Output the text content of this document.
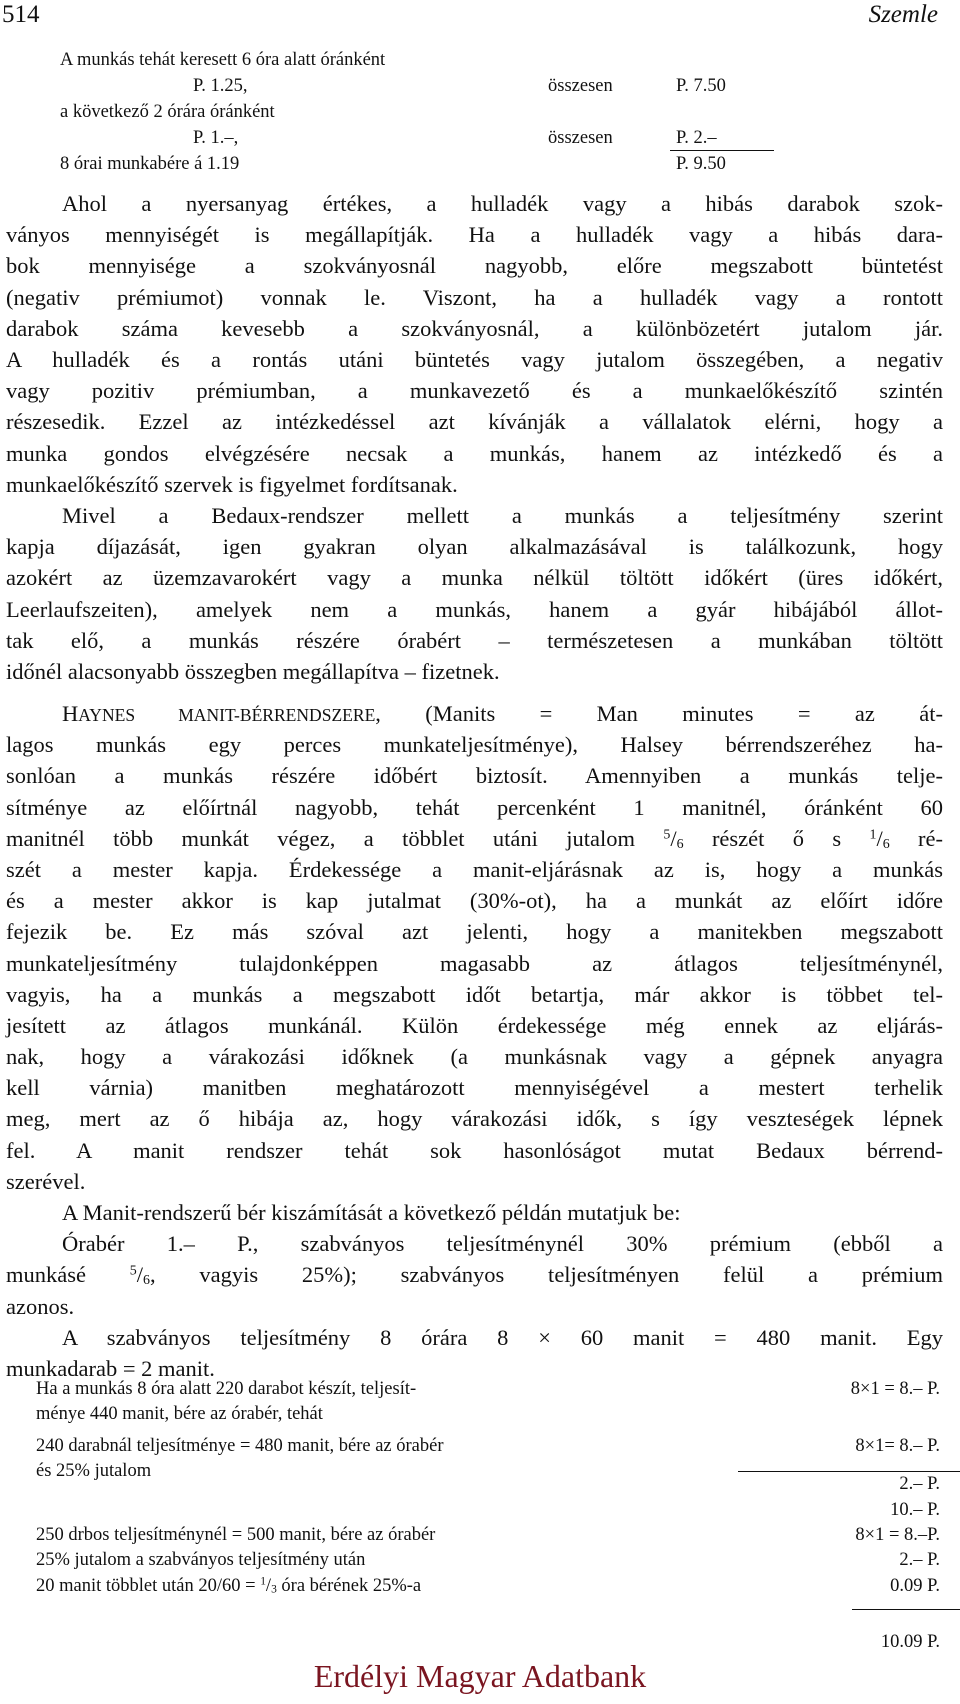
514	Szemle
A munkás tehát keresett 6 óra alatt óránként
P. 1.25,	összesen	P. 7.50
a következő 2 órára óránként
P. 1.–,	összesen	P. 2.–
8 órai munkabére á 1.19	P. 9.50
Ahol a nyersanyag értékes, a hulladék vagy a hibás darabok szok-
ványos mennyiségét is megállapítják. Ha a hulladék vagy a hibás dara-
bok mennyisége a szokványosnál nagyobb, előre megszabott büntetést
(negativ prémiumot) vonnak le. Viszont, ha a hulladék vagy a rontott
darabok száma kevesebb a szokványosnál, a különbözetért jutalom jár.
A hulladék és a rontás utáni büntetés vagy jutalom összegében, a negativ
vagy pozitiv prémiumban, a munkavezető és a munkaelőkészítő szintén
részesedik. Ezzel az intézkedéssel azt kívánják a vállalatok elérni, hogy a
munka gondos elvégzésére necsak a munkás, hanem az intézkedő és a
munkaelőkészítő szervek is figyelmet fordítsanak.
Mivel a Bedaux-rendszer mellett a munkás a teljesítmény szerint
kapja díjazását, igen gyakran olyan alkalmazásával is találkozunk, hogy
azokért az üzemzavarokért vagy a munka nélkül töltött időkért (üres időkért,
Leerlaufszeiten), amelyek nem a munkás, hanem a gyár hibájából állot-
tak elő, a munkás részére órabért – természetesen a munkában töltött
időnél alacsonyabb összegben megállapítva – fizetnek.
HAYNES MANIT-BÉRRENDSZERE, (Manits = Man minutes = az át-
lagos munkás egy perces munkateljesítménye), Halsey bérrendszeréhez ha-
sonlóan a munkás részére időbért biztosít. Amennyiben a munkás telje-
sítménye az előírtnál nagyobb, tehát percenként 1 manitnél, óránként 60
manitnél több munkát végez, a többlet utáni jutalom $^5/_6$ részét ő s $^1/_6$ ré-
szét a mester kapja. Érdekessége a manit-eljárásnak az is, hogy a munkás
és a mester akkor is kap jutalmat (30%-ot), ha a munkát az előírt időre
fejezik be. Ez más szóval azt jelenti, hogy a manitekben megszabott
munkateljesítmény tulajdonképpen magasabb az átlagos teljesítménynél,
vagyis, ha a munkás a megszabott időt betartja, már akkor is többet tel-
jesített az átlagos munkánál. Külön érdekessége még ennek az eljárás-
nak, hogy a várakozási időknek (a munkásnak vagy a gépnek anyagra
kell várnia) manitben meghatározott mennyiségével a mestert terhelik
meg, mert az ő hibája az, hogy várakozási idők, s így veszteségek lépnek
fel. A manit rendszer tehát sok hasonlóságot mutat Bedaux bérrend-
szerével.
A Manit-rendszerű bér kiszámítását a következő példán mutatjuk be:
Órabér 1.– P., szabványos teljesítménynél 30% prémium (ebből a
munkásé	$^5/_6$, vagyis 25%); szabványos teljesítményen felül a prémium
azonos.
A szabványos teljesítmény 8 órára 8 × 60 manit = 480 manit. Egy
munkadarab = 2 manit.
Ha a munkás 8 óra alatt 220 darabot készít, teljesít-	8×1 = 8.– P.
ménye 440 manit, bére az órabér, tehát
240 darabnál teljesítménye = 480 manit, bére az órabér	8×1= 8.– P.
és 25% jutalom
2.– P.
10.– P.
250 drbos teljesítménynél = 500 manit, bére az órabér	8×1 = 8.–P.
25% jutalom a szabványos teljesítmény után	2.– P.
20 manit többlet után $20/60 = ^1/_3$ óra bérének 25%-a	0.09 P.
10.09 P.
Erdélyi Magyar Adatbank
